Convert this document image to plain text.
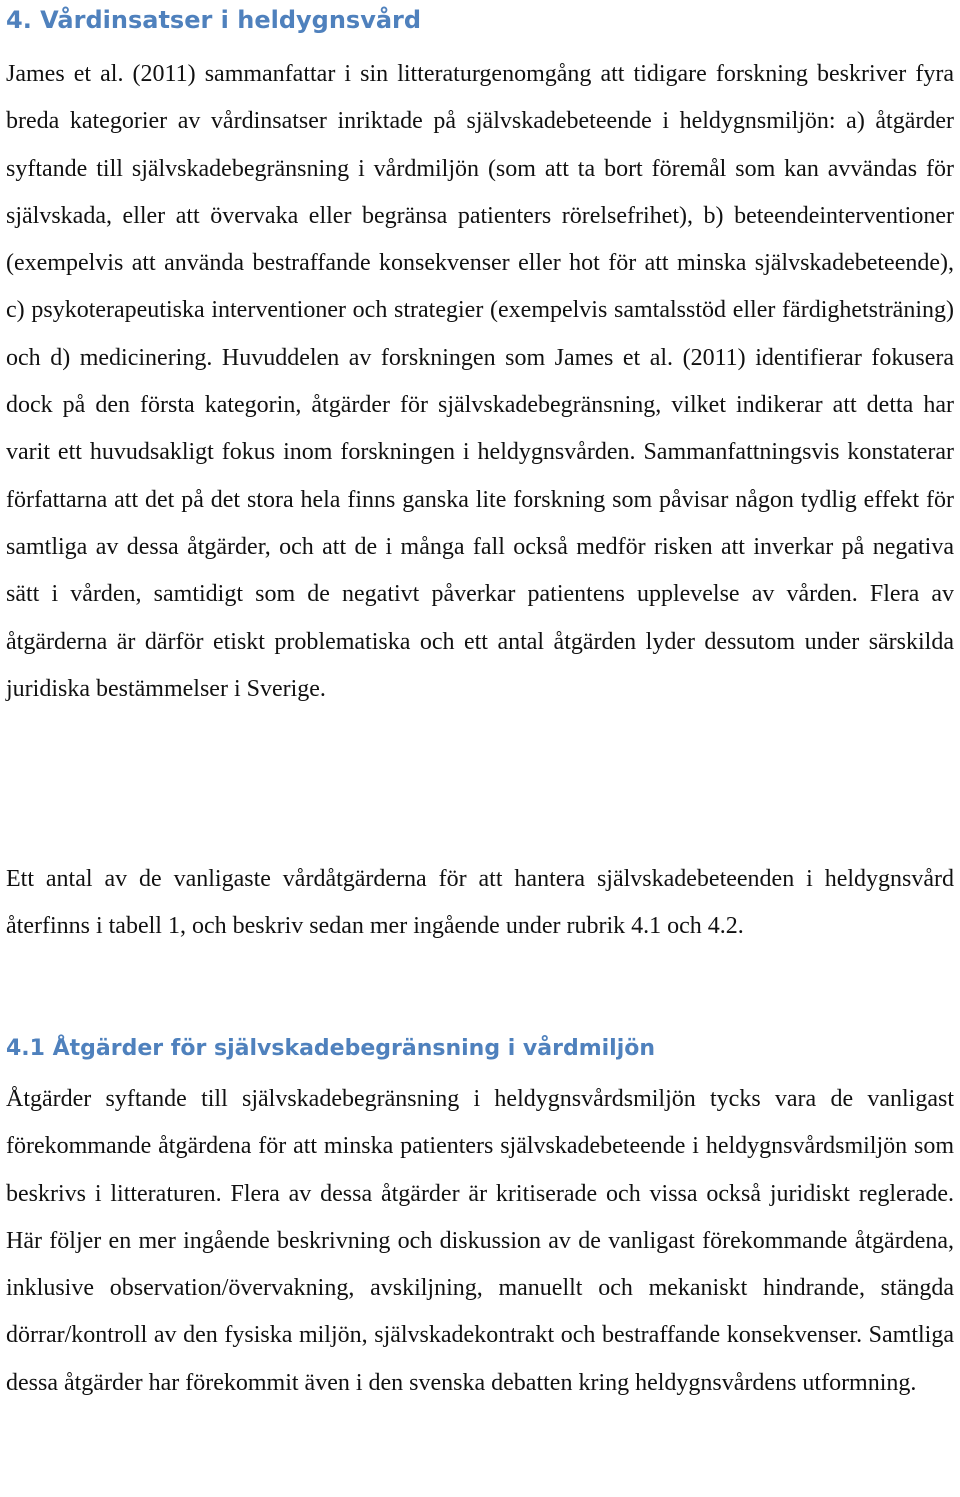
4. Vårdinsatser i heldygnsvård

James et al. (2011) sammanfattar i sin litteraturgenomgång att tidigare forskning beskriver fyra breda kategorier av vårdinsatser inriktade på självskadebeteende i heldygnsmiljön: a) åtgärder syftande till självskadebegränsning i vårdmiljön (som att ta bort föremål som kan avvändas för självskada, eller att övervaka eller begränsa patienters rörelsefrihet), b) beteendeinterventioner (exempelvis att använda bestraffande konsekvenser eller hot för att minska självskadebeteende), c) psykoterapeutiska interventioner och strategier (exempelvis samtalsstöd eller färdighetsträning) och d) medicinering. Huvuddelen av forskningen som James et al. (2011) identifierar fokusera dock på den första kategorin, åtgärder för självskadebegränsning, vilket indikerar att detta har varit ett huvudsakligt fokus inom forskningen i heldygnsvården. Sammanfattningsvis konstaterar författarna att det på det stora hela finns ganska lite forskning som påvisar någon tydlig effekt för samtliga av dessa åtgärder, och att de i många fall också medför risken att inverkar på negativa sätt i vården, samtidigt som de negativt påverkar patientens upplevelse av vården. Flera av åtgärderna är därför etiskt problematiska och ett antal åtgärden lyder dessutom under särskilda juridiska bestämmelser i Sverige.

Ett antal av de vanligaste vårdåtgärderna för att hantera självskadebeteenden i heldygnsvård återfinns i tabell 1, och beskriv sedan mer ingående under rubrik 4.1 och 4.2.

4.1 Åtgärder för självskadebegränsning i vårdmiljön

Åtgärder syftande till självskadebegränsning i heldygnsvårdsmiljön tycks vara de vanligast förekommande åtgärdena för att minska patienters självskadebeteende i heldygnsvårdsmiljön som beskrivs i litteraturen. Flera av dessa åtgärder är kritiserade och vissa också juridiskt reglerade. Här följer en mer ingående beskrivning och diskussion av de vanligast förekommande åtgärdena, inklusive observation/övervakning, avskiljning, manuellt och mekaniskt hindrande, stängda dörrar/kontroll av den fysiska miljön, självskadekontrakt och bestraffande konsekvenser. Samtliga dessa åtgärder har förekommit även i den svenska debatten kring heldygnsvårdens utformning.
